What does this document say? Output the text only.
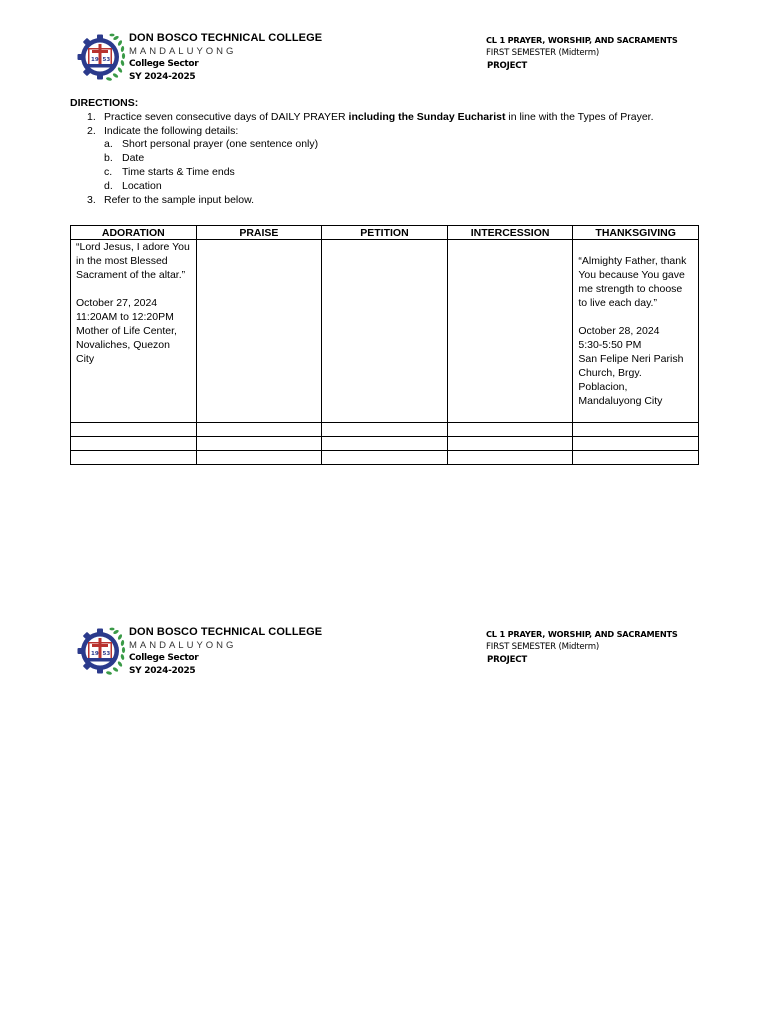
DON BOSCO TECHNICAL COLLEGE
MANDALUYONG
College Sector
SY 2024-2025
CL 1 PRAYER, WORSHIP, AND SACRAMENTS
FIRST SEMESTER (Midterm)
PROJECT
DIRECTIONS:
1. Practice seven consecutive days of DAILY PRAYER including the Sunday Eucharist in line with the Types of Prayer.
2. Indicate the following details:
a. Short personal prayer (one sentence only)
b. Date
c. Time starts & Time ends
d. Location
3. Refer to the sample input below.
ADORATION	PRAISE	PETITION	INTERCESSION	THANKSGIVING

“Lord Jesus, I adore You in the most Blessed Sacrament of the altar.”

October 27, 2024
11:20AM to 12:20PM
Mother of Life Center, Novaliches, Quezon City				“Almighty Father, thank You because You gave me strength to choose to live each day.”

October 28, 2024
5:30-5:50 PM
San Felipe Neri Parish Church, Brgy. Poblacion, Mandaluyong City

DON BOSCO TECHNICAL COLLEGE
MANDALUYONG
College Sector
SY 2024-2025
CL 1 PRAYER, WORSHIP, AND SACRAMENTS
FIRST SEMESTER (Midterm)
PROJECT
